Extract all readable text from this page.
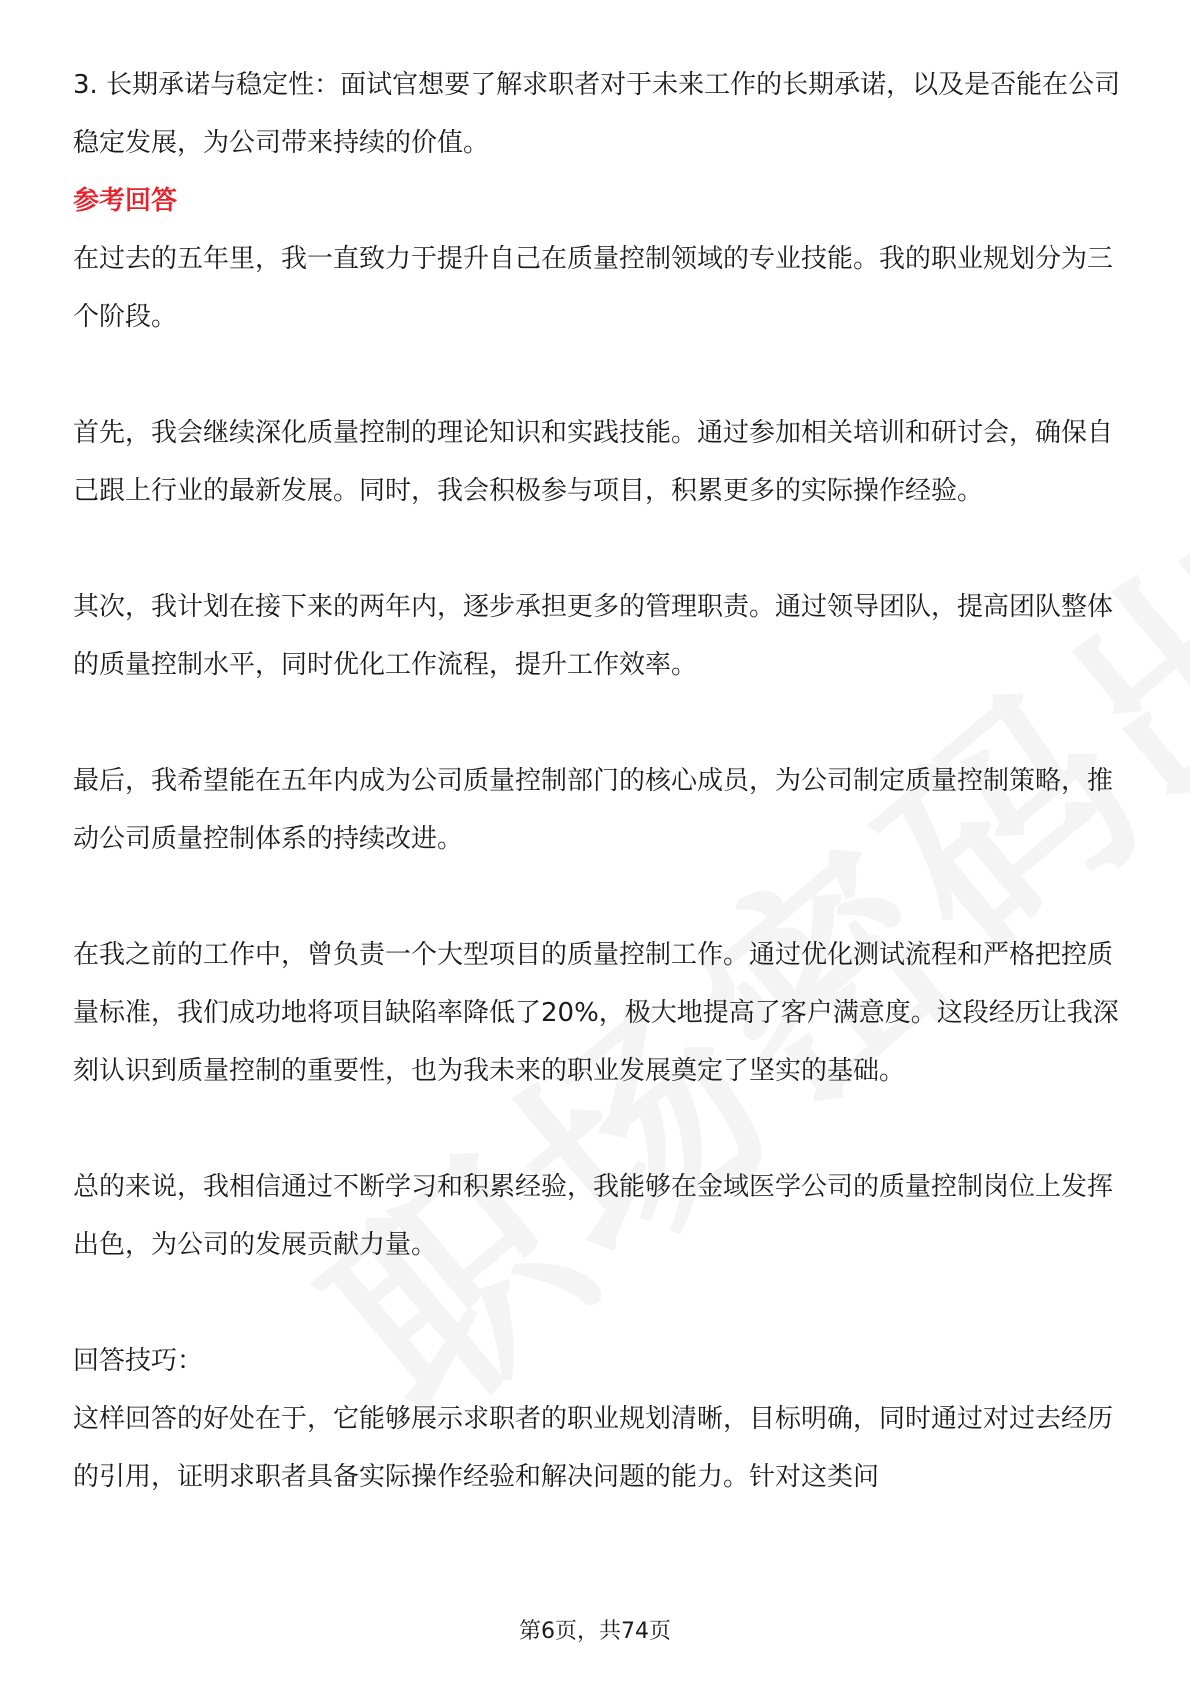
3. 长期承诺与稳定性：面试官想要了解求职者对于未来工作的长期承诺，以及是否能在公司稳定发展，为公司带来持续的价值。

参考回答

在过去的五年里，我一直致力于提升自己在质量控制领域的专业技能。我的职业规划分为三个阶段。

首先，我会继续深化质量控制的理论知识和实践技能。通过参加相关培训和研讨会，确保自己跟上行业的最新发展。同时，我会积极参与项目，积累更多的实际操作经验。

其次，我计划在接下来的两年内，逐步承担更多的管理职责。通过领导团队，提高团队整体的质量控制水平，同时优化工作流程，提升工作效率。

最后，我希望能在五年内成为公司质量控制部门的核心成员，为公司制定质量控制策略，推动公司质量控制体系的持续改进。

在我之前的工作中，曾负责一个大型项目的质量控制工作。通过优化测试流程和严格把控质量标准，我们成功地将项目缺陷率降低了20%，极大地提高了客户满意度。这段经历让我深刻认识到质量控制的重要性，也为我未来的职业发展奠定了坚实的基础。

总的来说，我相信通过不断学习和积累经验，我能够在金域医学公司的质量控制岗位上发挥出色，为公司的发展贡献力量。

回答技巧：

这样回答的好处在于，它能够展示求职者的职业规划清晰，目标明确，同时通过对过去经历的引用，证明求职者具备实际操作经验和解决问题的能力。针对这类问

第6页，共74页
